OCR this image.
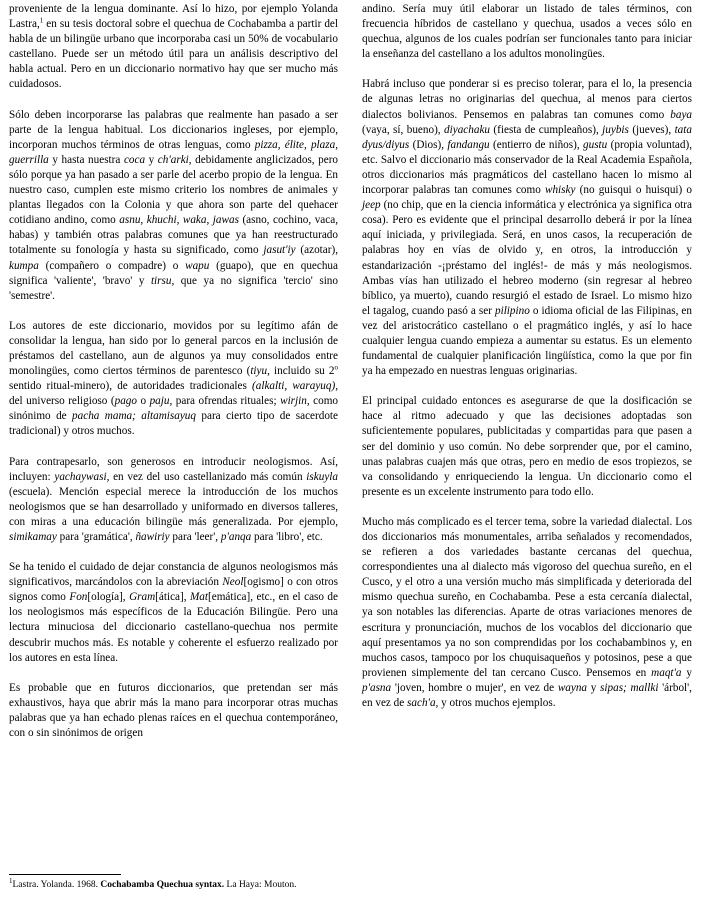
proveniente de la lengua dominante. Así lo hizo, por ejemplo Yolanda Lastra,$^1$ en su tesis doctoral sobre el quechua de Cochabamba a partir del habla de un bilingüe urbano que incorporaba casi un 50% de vocabulario castellano. Puede ser un método útil para un análisis descriptivo del habla actual. Pero en un diccionario normativo hay que ser mucho más cuidadosos.

Sólo deben incorporarse las palabras que realmente han pasado a ser parte de la lengua habitual. Los diccionarios ingleses, por ejemplo, incorporan muchos términos de otras lenguas, como pizza, élite, plaza, guerrilla y hasta nuestra coca y ch'arki, debidamente anglicizados, pero sólo porque ya han pasado a ser parle del acerbo propio de la lengua. En nuestro caso, cumplen este mismo criterio los nombres de animales y plantas llegados con la Colonia y que ahora son parte del quehacer cotidiano andino, como asnu, khuchi, waka, jawas (asno, cochino, vaca, habas) y también otras palabras comunes que ya han reestructurado totalmente su fonología y hasta su significado, como jasut'iy (azotar), kumpa (compañero o compadre) o wapu (guapo), que en quechua significa 'valiente', 'bravo' y tirsu, que ya no significa 'tercio' sino 'semestre'.

Los autores de este diccionario, movidos por su legítimo afán de consolidar la lengua, han sido por lo general parcos en la inclusión de préstamos del castellano, aun de algunos ya muy consolidados entre monolingües, como ciertos términos de parentesco (tiyu, incluido su 2$^o$ sentido ritual-minero), de autoridades tradicionales (alkalti, warayuq), del universo religioso (pago o paju, para ofrendas rituales; wirjin, como sinónimo de pacha mama; altamisayuq para cierto tipo de sacerdote tradicional) y otros muchos.

Para contrapesarlo, son generosos en introducir neologismos. Así, incluyen: yachaywasi, en vez del uso castellanizado más común iskuyla (escuela). Mención especial merece la introducción de los muchos neologismos que se han desarrollado y uniformado en diversos talleres, con miras a una educación bilingüe más generalizada. Por ejemplo, simikamay para 'gramática', ñawiriy para 'leer', p'anqa para 'libro', etc.

Se ha tenido el cuidado de dejar constancia de algunos neologismos más significativos, marcándolos con la abreviación Neol[ogismo] o con otros signos como Fon[ología], Gram[ática], Mat[emática], etc., en el caso de los neologismos más específicos de la Educación Bilingüe. Pero una lectura minuciosa del diccionario castellano-quechua nos permite descubrir muchos más. Es notable y coherente el esfuerzo realizado por los autores en esta línea.

Es probable que en futuros diccionarios, que pretendan ser más exhaustivos, haya que abrir más la mano para incorporar otras muchas palabras que ya han echado plenas raíces en el quechua contemporáneo, con o sin sinónimos de origen

andino. Sería muy útil elaborar un listado de tales términos, con frecuencia híbridos de castellano y quechua, usados a veces sólo en quechua, algunos de los cuales podrían ser funcionales tanto para iniciar la enseñanza del castellano a los adultos monolingües.

Habrá incluso que ponderar si es preciso tolerar, para el lo, la presencia de algunas letras no originarias del quechua, al menos para ciertos dialectos bolivianos. Pensemos en palabras tan comunes como baya (vaya, sí, bueno), diyachaku (fiesta de cumpleaños), juybis (jueves), tata dyus/diyus (Dios), fandangu (entierro de niños), gustu (propia voluntad), etc. Salvo el diccionario más conservador de la Real Academia Española, otros diccionarios más pragmáticos del castellano hacen lo mismo al incorporar palabras tan comunes como whisky (no guisqui o huisqui) o jeep (no chip, que en la ciencia informática y electrónica ya significa otra cosa). Pero es evidente que el principal desarrollo deberá ir por la línea aquí iniciada, y privilegiada. Será, en unos casos, la recuperación de palabras hoy en vías de olvido y, en otros, la introducción y estandarización -¡préstamo del inglés!- de más y más neologismos. Ambas vías han utilizado el hebreo moderno (sin regresar al hebreo bíblico, ya muerto), cuando resurgió el estado de Israel. Lo mismo hizo el tagalog, cuando pasó a ser pilipino o idioma oficial de las Filipinas, en vez del aristocrático castellano o el pragmático inglés, y así lo hace cualquier lengua cuando empieza a aumentar su estatus. Es un elemento fundamental de cualquier planificación lingüística, como la que por fin ya ha empezado en nuestras lenguas originarias.

El principal cuidado entonces es asegurarse de que la dosificación se hace al ritmo adecuado y que las decisiones adoptadas son suficientemente populares, publicitadas y compartidas para que pasen a ser del dominio y uso común. No debe sorprender que, por el camino, unas palabras cuajen más que otras, pero en medio de esos tropiezos, se va consolidando y enriqueciendo la lengua. Un diccionario como el presente es un excelente instrumento para todo ello.

Mucho más complicado es el tercer tema, sobre la variedad dialectal. Los dos diccionarios más monumentales, arriba señalados y recomendados, se refieren a dos variedades bastante cercanas del quechua, correspondientes una al dialecto más vigoroso del quechua sureño, en el Cusco, y el otro a una versión mucho más simplificada y deteriorada del mismo quechua sureño, en Cochabamba. Pese a esta cercanía dialectal, ya son notables las diferencias. Aparte de otras variaciones menores de escritura y pronunciación, muchos de los vocablos del diccionario que aquí presentamos ya no son comprendidas por los cochabambinos y, en muchos casos, tampoco por los chuquisaqueños y potosinos, pese a que provienen simplemente del tan cercano Cusco. Pensemos en maqt'a y p'asna 'joven, hombre o mujer', en vez de wayna y sipas; mallki 'árbol', en vez de sach'a, y otros muchos ejemplos.

$^1$Lastra. Yolanda. 1968. Cochabamba Quechua syntax. La Haya: Mouton.
